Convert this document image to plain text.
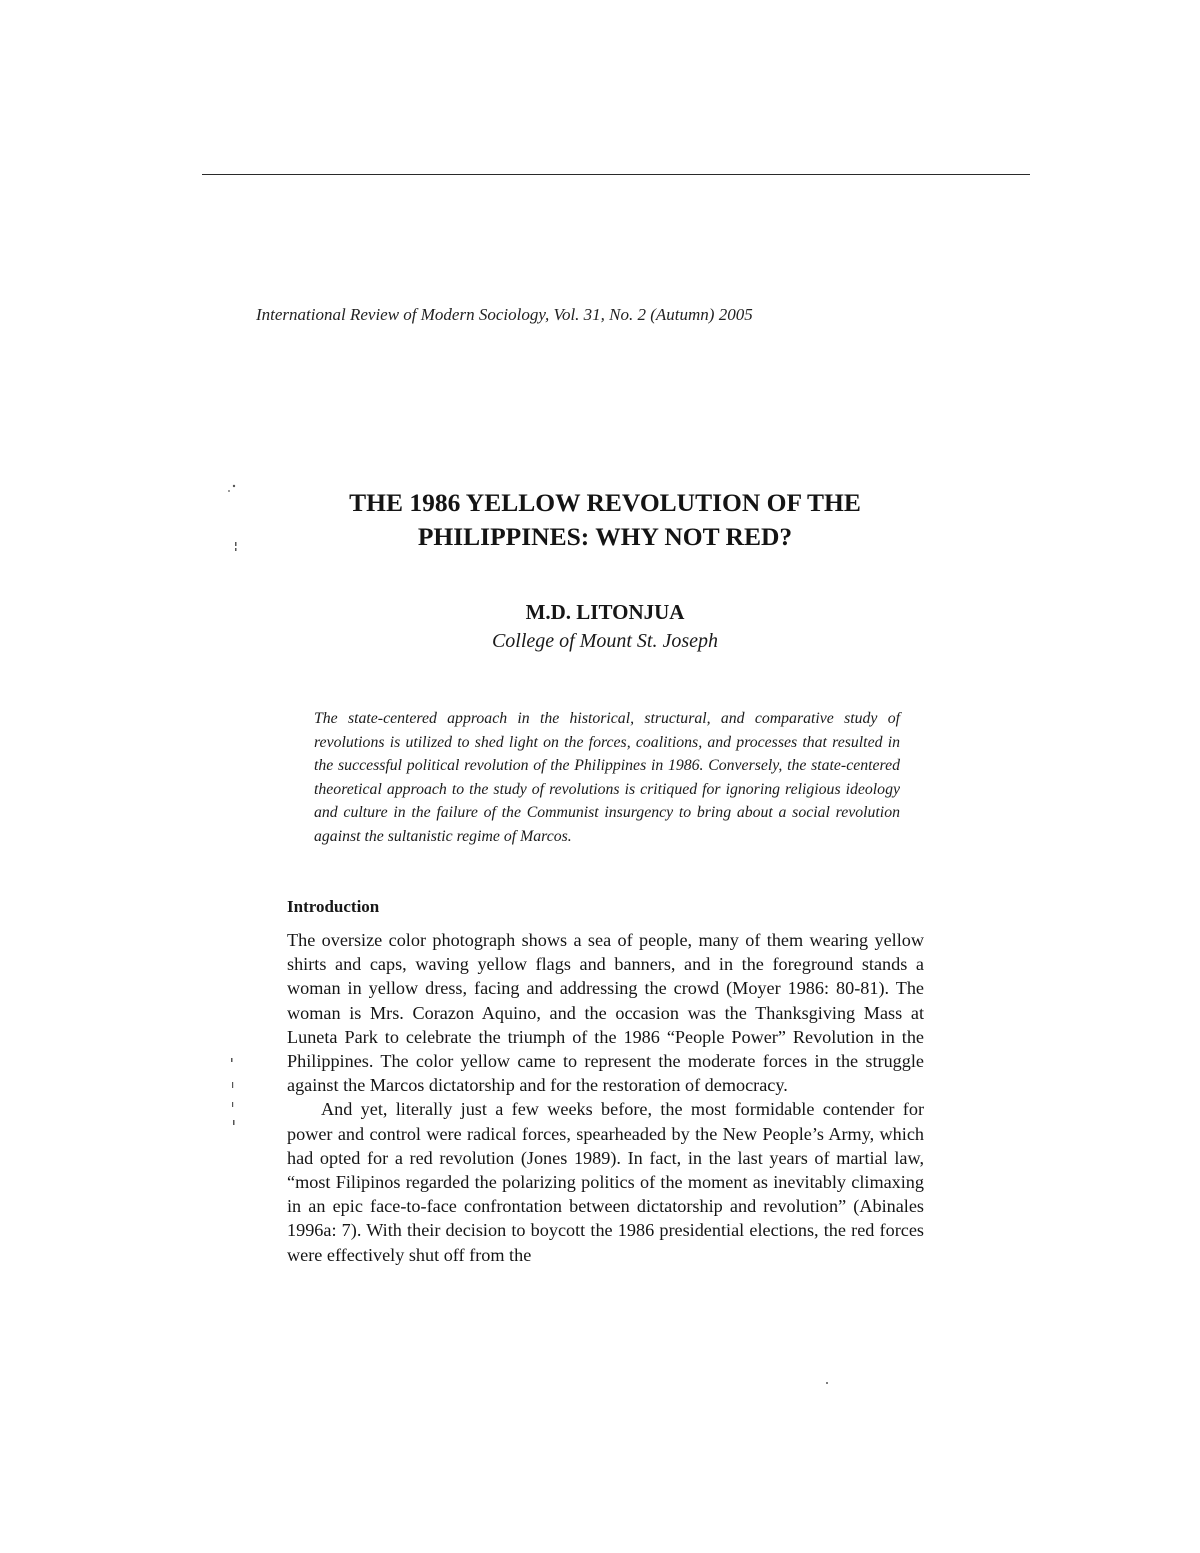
International Review of Modern Sociology, Vol. 31, No. 2 (Autumn) 2005
THE 1986 YELLOW REVOLUTION OF THE
PHILIPPINES: WHY NOT RED?
M.D. LITONJUA
College of Mount St. Joseph
The state-centered approach in the historical, structural, and comparative study of revolutions is utilized to shed light on the forces, coalitions, and processes that resulted in the successful political revolution of the Philippines in 1986. Conversely, the state-centered theoretical approach to the study of revolutions is critiqued for ignoring religious ideology and culture in the failure of the Communist insurgency to bring about a social revolution against the sultanistic regime of Marcos.
Introduction

The oversize color photograph shows a sea of people, many of them wearing yellow shirts and caps, waving yellow flags and banners, and in the foreground stands a woman in yellow dress, facing and addressing the crowd (Moyer 1986: 80-81). The woman is Mrs. Corazon Aquino, and the occasion was the Thanksgiving Mass at Luneta Park to celebrate the triumph of the 1986 “People Power” Revolution in the Philippines. The color yellow came to represent the moderate forces in the struggle against the Marcos dictatorship and for the restoration of democracy.

And yet, literally just a few weeks before, the most formidable contender for power and control were radical forces, spearheaded by the New People’s Army, which had opted for a red revolution (Jones 1989). In fact, in the last years of martial law, “most Filipinos regarded the polarizing politics of the moment as inevitably climaxing in an epic face-to-face confrontation between dictatorship and revolution” (Abinales 1996a: 7). With their decision to boycott the 1986 presidential elections, the red forces were effectively shut off from the
